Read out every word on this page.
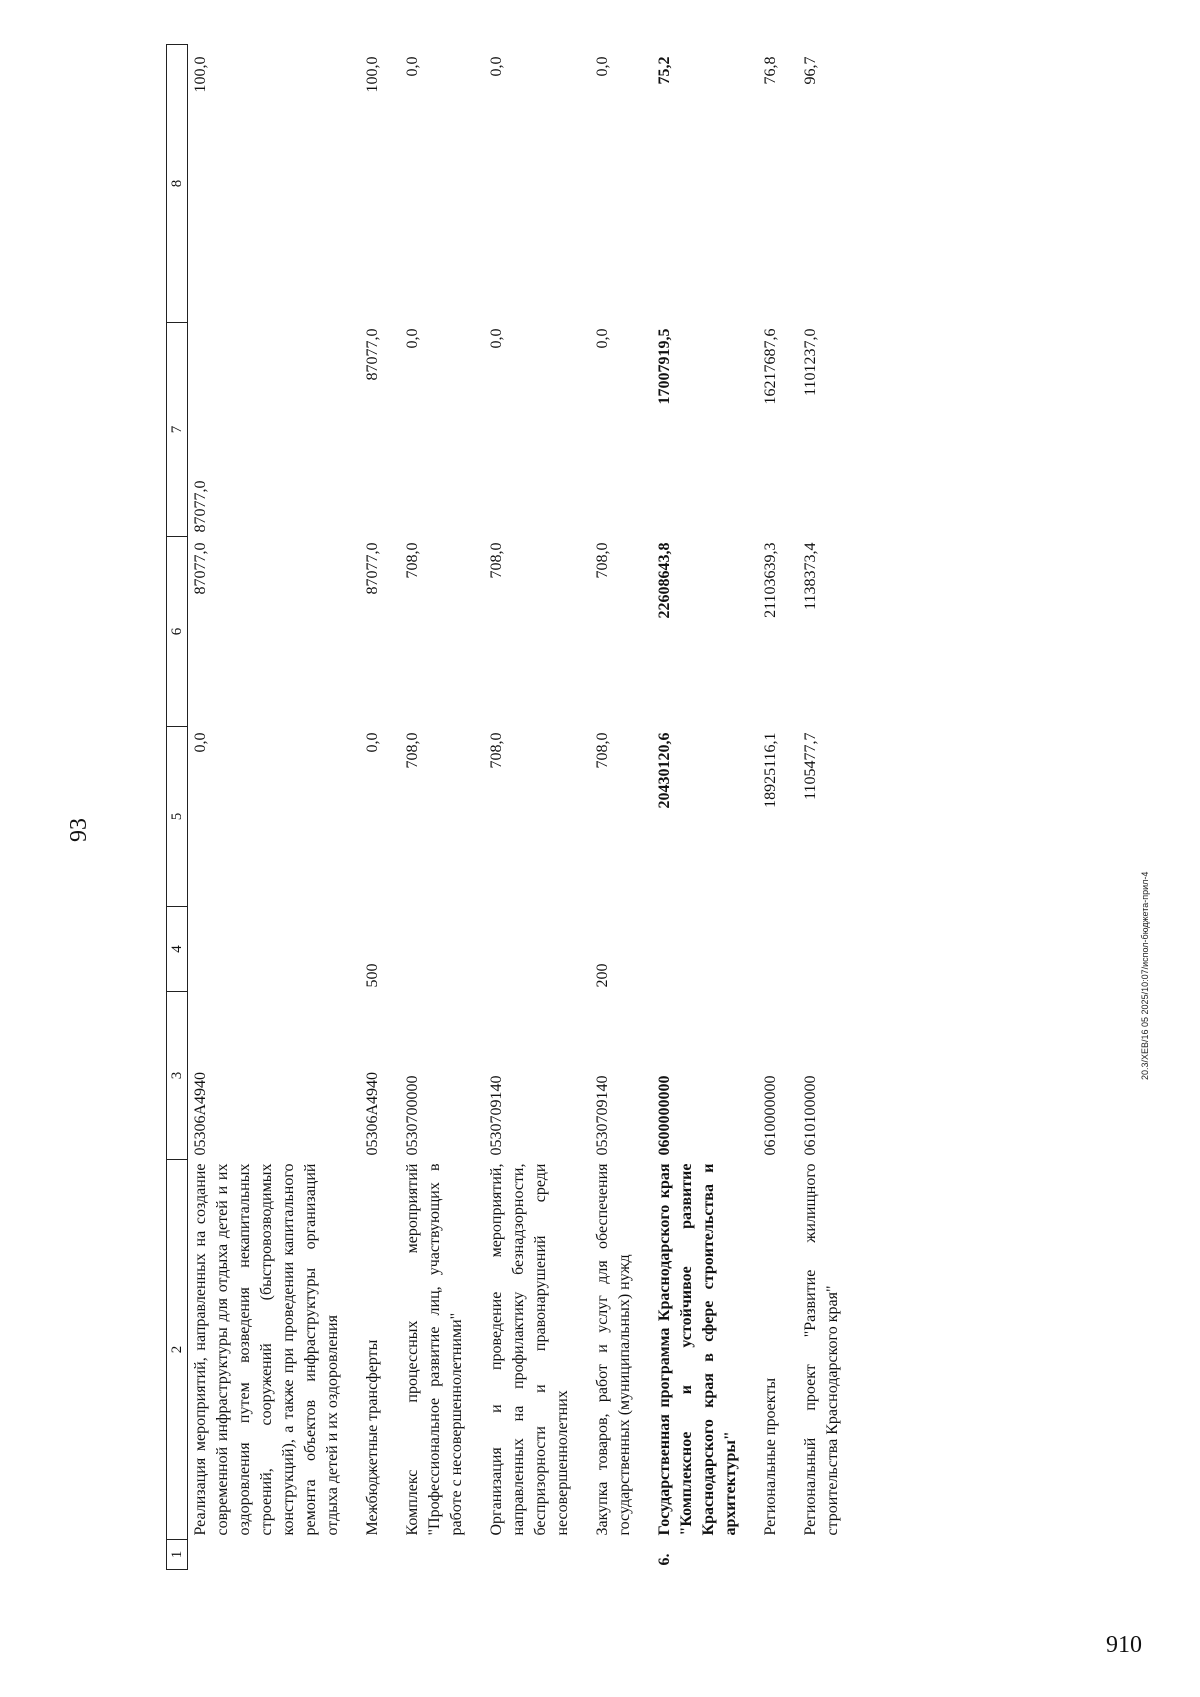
93
1	2	3	4	5	6	7	8
	Реализация мероприятий, направленных на создание современной инфраструктуры для отдыха детей и их оздоровления путем возведения некапитальных строений, сооружений (быстровозводимых конструкций), а также при проведении капитального ремонта объектов инфраструктуры организаций отдыха детей и их оздоровления	05306А4940		0,0	87077,0	87077,0	100,0
	Межбюджетные трансферты	05306А4940	500	0,0	87077,0	87077,0	100,0
	Комплекс процессных мероприятий "Профессиональное развитие лиц, участвующих в работе с несовершеннолетними"	0530700000		708,0	708,0	0,0	0,0
	Организация и проведение мероприятий, направленных на профилактику безнадзорности, беспризорности и правонарушений среди несовершеннолетних	0530709140		708,0	708,0	0,0	0,0
	Закупка товаров, работ и услуг для обеспечения государственных (муниципальных) нужд	0530709140	200	708,0	708,0	0,0	0,0
6.	Государственная программа Краснодарского края "Комплексное и устойчивое развитие Краснодарского края в сфере строительства и архитектуры"	0600000000		20430120,6	22608643,8	17007919,5	75,2
	Региональные проекты	0610000000		18925116,1	21103639,3	16217687,6	76,8
	Региональный проект "Развитие жилищного строительства Краснодарского края"	0610100000		1105477,7	1138373,4	1101237,0	96,7
20.3/XEB/16 05 2025/10:07/испол-бюджета-прил-4
910
